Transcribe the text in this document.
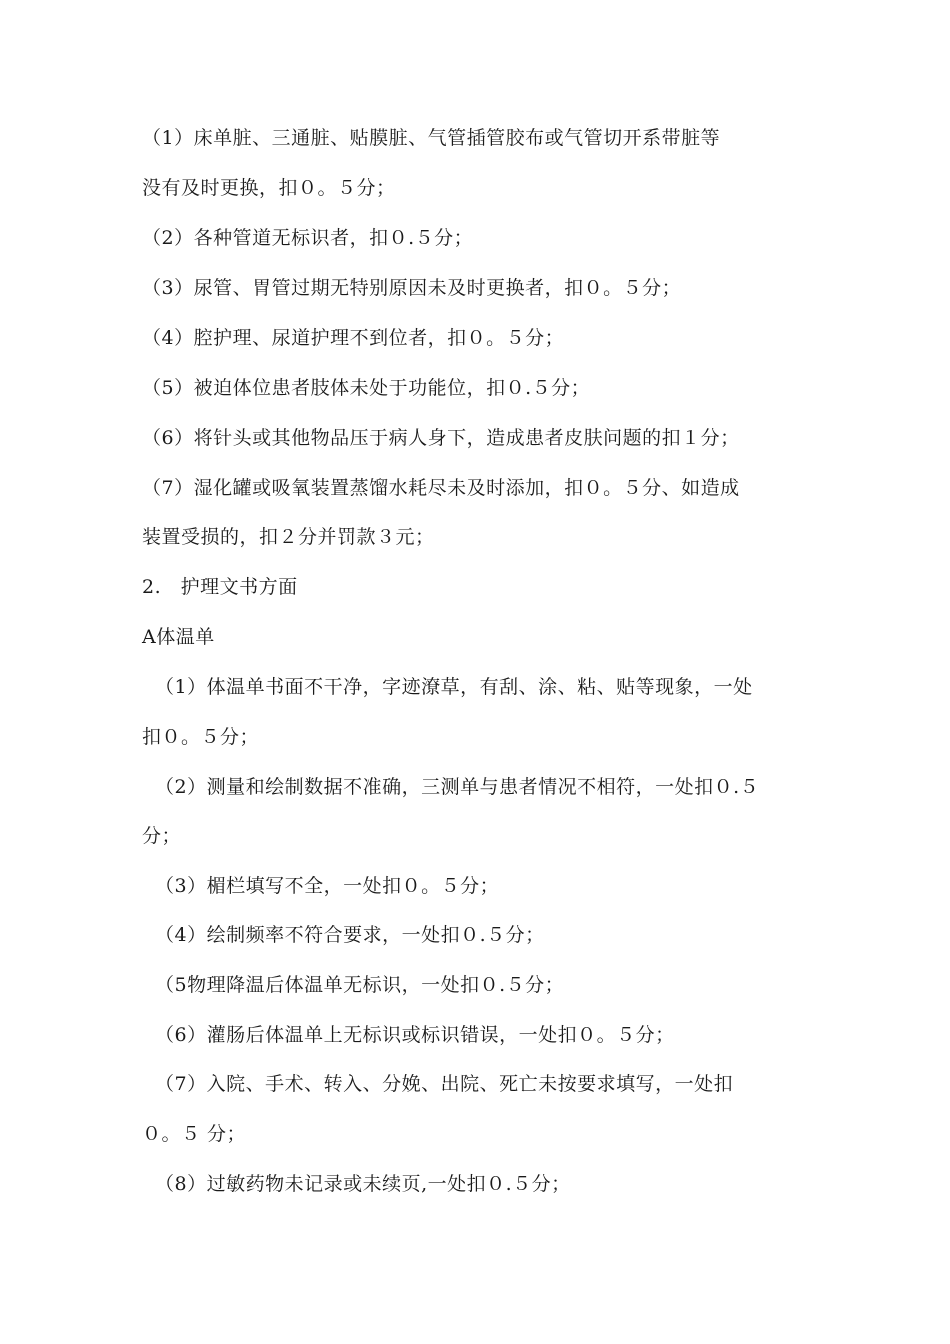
（1）床单脏、三通脏、贴膜脏、气管插管胶布或气管切开系带脏等
没有及时更换，扣０。５分；
（2）各种管道无标识者，扣０.５分；
（3）尿管、胃管过期无特别原因未及时更换者，扣０。５分；
（4）腔护理、尿道护理不到位者，扣０。５分；
（5）被迫体位患者肢体未处于功能位，扣０.５分；
（6）将针头或其他物品压于病人身下，造成患者皮肤问题的扣１分；
（7）湿化罐或吸氧装置蒸馏水耗尽未及时添加，扣０。５分、如造成
装置受损的，扣２分并罚款３元；
2.　护理文书方面
A体温单
（1）体温单书面不干净，字迹潦草，有刮、涂、粘、贴等现象，一处
扣０。５分；
（2）测量和绘制数据不准确，三测单与患者情况不相符，一处扣０.５
分；
（3）楣栏填写不全，一处扣０。５分；
（4）绘制频率不符合要求，一处扣０.５分；
（5物理降温后体温单无标识，一处扣０.５分；
（6）灌肠后体温单上无标识或标识错误，一处扣０。５分；
（7）入院、手术、转入、分娩、出院、死亡未按要求填写，一处扣
０。５ 分；
（8）过敏药物未记录或未续页,一处扣０.５分；
